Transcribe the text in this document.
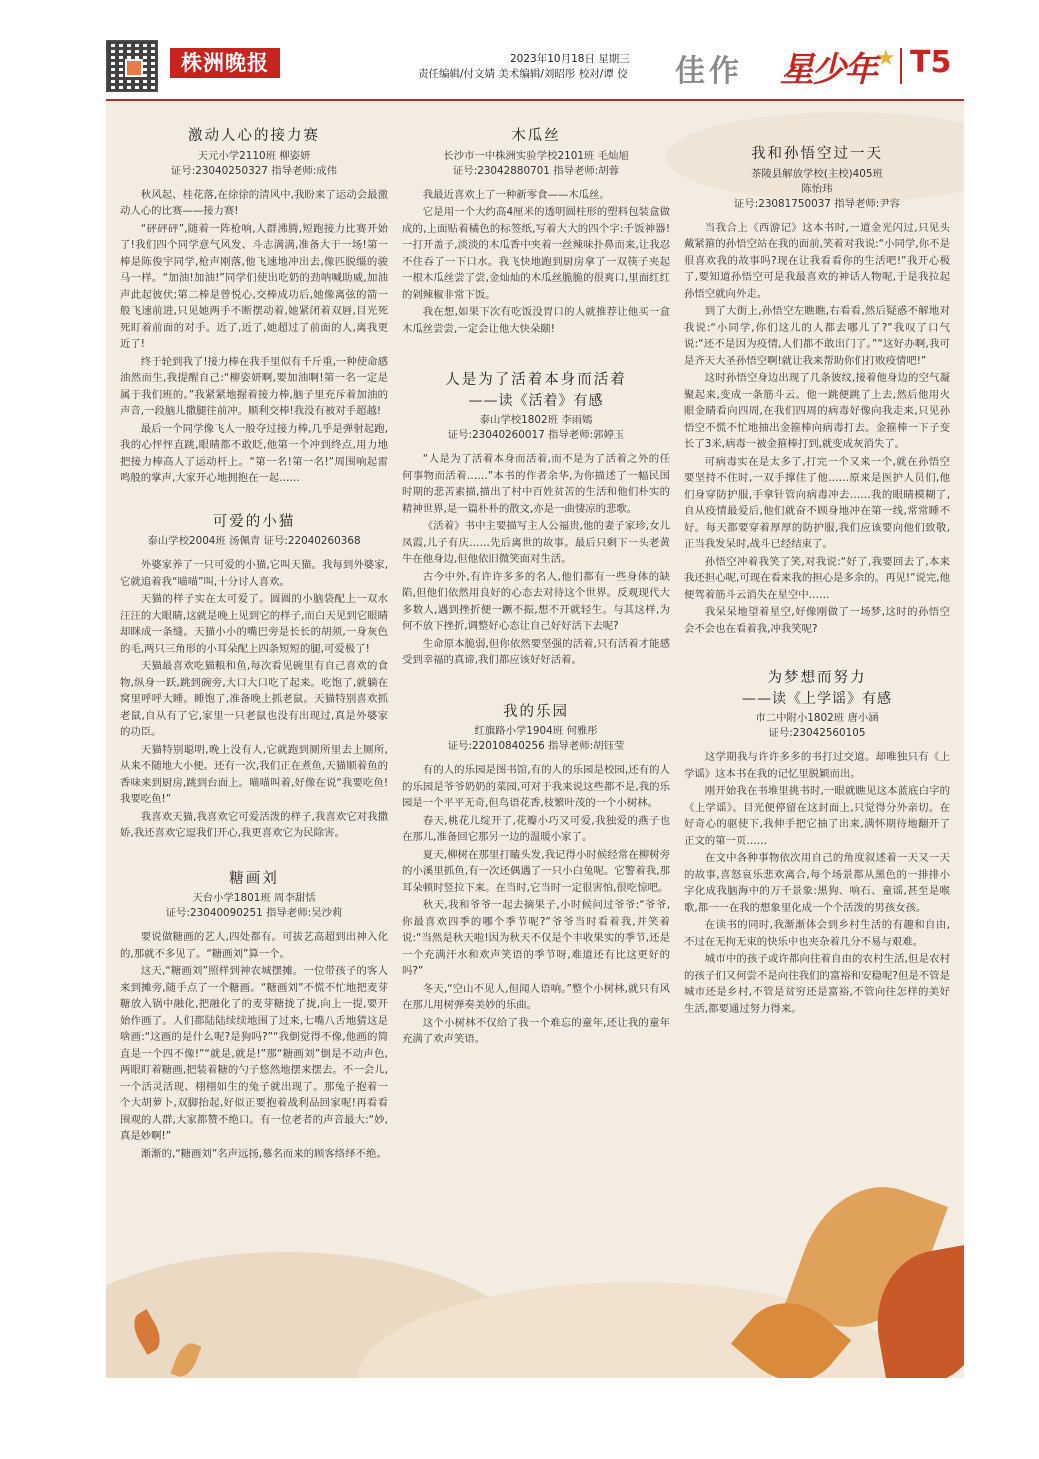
株洲晚报	2023年10月18日 星期三
责任编辑/付文婧 美术编辑/刘昭彤 校对/谭 佼 佳作 星少年★ T5
激动人心的接力赛
天元小学2110班 柳姿妍
证号:23040250327 指导老师:成伟

秋风起、桂花落,在徐徐的清风中,我盼来了运动会最激动人心的比赛——接力赛!

“砰砰砰”,随着一阵枪响,人群沸腾,短跑接力比赛开始了!我们四个同学意气风发、斗志满满,准备大干一场!第一棒是陈俊宇同学,枪声刚落,他飞速地冲出去,像匹脱缰的骏马一样。“加油!加油!”同学们使出吃奶的劲呐喊助威,加油声此起彼伏;第二棒是曾悦心,交棒成功后,她像离弦的箭一般飞速前进,只见她两手不断摆动着,她紧闭着双唇,目光死死盯着前面的对手。近了,近了,她超过了前面的人,离我更近了!

终于轮到我了!接力棒在我手里似有千斤重,一种使命感油然而生,我提醒自己:“柳姿妍啊,要加油啊!第一名一定是属于我们班的。”我紧紧地握着接力棒,脑子里充斥着加油的声音,一段脑儿撒腿往前冲。顺利交棒!我没有被对手超越!

最后一个同学像飞人一般夺过接力棒,几乎是弹射起跑,我的心怦怦直跳,眼睛都不敢眨,他第一个冲到终点,用力地把接力棒高人了运动杆上。“第一名!第一名!”周围响起雷鸣般的掌声,大家开心地拥抱在一起……

可爱的小猫
泰山学校2004班 汤佩青 证号:22040260368

外婆家养了一只可爱的小猫,它叫天猫。我每到外婆家,它就追着我“喵喵”叫,十分讨人喜欢。

天猫的样子实在太可爱了。圆圆的小脑袋配上一双水汪汪的大眼睛,这就是晚上见到它的样子,而白天见到它眼睛却眯成一条缝。天猫小小的嘴巴旁是长长的胡须,一身灰色的毛,两只三角形的小耳朵配上四条短短的腿,可爱极了!

天猫最喜欢吃猫粮和鱼,每次看见碗里有自己喜欢的食物,纵身一跃,跳到碗旁,大口大口吃了起来。吃饱了,就躺在窝里呼呼大睡。睡饱了,准备晚上抓老鼠。天猫特别喜欢抓老鼠,自从有了它,家里一只老鼠也没有出现过,真是外婆家的功臣。

天猫特别聪明,晚上没有人,它就跑到厕所里去上厕所,从来不随地大小便。还有一次,我们正在煮鱼,天猫顺着鱼的香味来到厨房,跳到台面上。喵喵叫着,好像在说“我要吃鱼!我要吃鱼!”

我喜欢天猫,我喜欢它可爱活泼的样子,我喜欢它对我撒娇,我还喜欢它逗我们开心,我更喜欢它为民除害。

糖画刘
天台小学1801班 周李甜恬
证号:23040090251 指导老师:吴沙莉

要说做糖画的艺人,四处都有。可拔艺高超到出神入化的,那就不多见了。“糖画刘”算一个。

这天,“糖画刘”照样到神农城摆摊。一位带孩子的客人来到摊旁,随手点了一个糖画。“糖画刘”不慌不忙地把麦芽糖放入锅中融化,把融化了的麦芽糖拢了拢,向上一提,要开始作画了。人们都陆陆续续地围了过来,七嘴八舌地猜这是啥画:“这画的是什么呢?是狗吗?”“我倒觉得不像,他画的简直是一个四不像!”“就是,就是!”那“糖画刘”倒是不动声色,两眼盯着糖画,把装着糖的勺子悠然地摆来摆去。不一会儿,一个活灵活现、栩栩如生的兔子就出现了。那兔子抱着一个大胡萝卜,双脚抬起,好似正要抱着战利品回家呢!再看看围观的人群,大家都赞不绝口。有一位老者的声音最大:“妙,真是妙啊!”

渐渐的,“糖画刘”名声远扬,慕名而来的顾客络绎不绝。

木瓜丝
长沙市一中株洲实验学校2101班 毛灿旭
证号:23042880701 指导老师:胡蓉

我最近喜欢上了一种新零食——木瓜丝。

它是用一个大约高4厘米的透明圆柱形的塑料包装盒做成的,上面贴着橘色的标签纸,写着大大的四个字:千饭神器!一打开盖子,淡淡的木瓜香中夹着一丝辣味扑鼻而来,让我忍不住吞了一下口水。我飞快地跑到厨房拿了一双筷子夹起一根木瓜丝尝了尝,金灿灿的木瓜丝脆脆的很爽口,里面红红的剁辣椒非常下饭。

我在想,如果下次有吃饭没胃口的人就推荐让他买一盒木瓜丝尝尝,一定会让他大快朵颐!

人是为了活着本身而活着
——读《活着》有感
泰山学校1802班 李雨嫣
证号:23040260017 指导老师:郭婷玉

“人是为了活着本身而活着,而不是为了活着之外的任何事物而活着……”本书的作者余华,为你描述了一幅民国时期的悲苦素描,描出了村中百姓贫苦的生活和他们朴实的精神世界,是一篇朴朴的散文,亦是一曲悽凉的悲歌。

《活着》书中主要描写主人公福贵,他的妻子家珍,女儿凤霞,儿子有庆……先后离世的故事。最后只剩下一头老黄牛在他身边,但他依旧微笑面对生活。

古今中外,有许许多多的名人,他们都有一些身体的缺陷,但他们依然用良好的心态去对待这个世界。反观现代大多数人,遇到挫折便一蹶不振,想不开就轻生。与其这样,为何不放下挫折,调整好心态让自己好好活下去呢?

生命原本脆弱,但你依然要坚强的活着,只有活着才能感受到幸福的真谛,我们都应该好好活着。

我的乐园
红旗路小学1904班 何雅彤
证号:22010840256 指导老师:胡钰莹

有的人的乐园是图书馆,有的人的乐园是校园,还有的人的乐园是爷爷奶奶的菜园,可对于我来说这些都不是,我的乐园是一个平平无奇,但鸟语花香,枝繁叶茂的一个小树林。

春天,桃花儿绽开了,花瓣小巧又可爱,我独爱的燕子也在那儿,准备回它那另一边的温暖小家了。

夏天,柳树在那里打瞌头发,我记得小时候经常在柳树旁的小溪里抓鱼,有一次还偶遇了一只小白兔呢。它警着我,那耳朵顿时竖拉下来。在当时,它当时一定很害怕,很吃惊吧。

秋天,我和爷爷一起去摘果子,小时候问过爷爷:“爷爷,你最喜欢四季的哪个季节呢?”爷爷当时看着我,并笑着说:“当然是秋天啦!因为秋天不仅是个丰收果实的季节,还是一个充满汗水和欢声笑语的季节呀,难道还有比这更好的吗?”

冬天,“空山不见人,但闻人语响。”整个小树林,就只有风在那儿用树弹奏美妙的乐曲。

这个小树林不仅给了我一个难忘的童年,还让我的童年充满了欢声笑语。

我和孙悟空过一天
茶陵县解放学校(主校)405班
陈怡玮
证号:23081750037 指导老师:尹容

当我合上《西游记》这本书时,一道金光闪过,只见头戴紧箍的孙悟空站在我的面前,笑着对我说:“小同学,你不是很喜欢我的故事吗?现在让我看看你的生活吧!”我开心极了,要知道孙悟空可是我最喜欢的神话人物呢,于是我拉起孙悟空就向外走。

到了大街上,孙悟空左瞧瞧,右看看,然后疑惑不解地对我说:“小同学,你们这儿的人都去哪儿了?”我叹了口气说:“还不是因为疫情,人们都不敢出门了。”“这好办啊,我可是齐天大圣孙悟空啊!就让我来帮助你们打败疫情吧!”

这时孙悟空身边出现了几条彼纹,接着他身边的空气凝聚起来,变成一条筋斗云。他一跳便跳了上去,然后他用火眼金睛看向四周,在我们四周的病毒好像向我走来,只见孙悟空不慌不忙地抽出金箍棒向病毒打去。金箍棒一下子变长了3米,病毒一被金箍棒打到,就变成灰消失了。

可病毒实在是太多了,打完一个又来一个,就在孙悟空要坚持不住时,一双手撑住了他……原来是医护人员们,他们身穿防护服,手拿针管向病毒冲去……我的眼睛模糊了,自从疫情最爱后,他们就奋不顾身地冲在第一线,常常睡不好。每天都要穿着厚厚的防护服,我们应该要向他们致敬,正当我发呆时,战斗已经结束了。

孙悟空冲着我笑了笑,对我说:“好了,我要回去了,本来我还担心呢,可现在看来我的担心是多余的。再见!”说完,他便驾着筋斗云消失在星空中……

我呆呆地望着星空,好像刚做了一场梦,这时的孙悟空会不会也在看着我,冲我笑呢?

为梦想而努力
——读《上学谣》有感
市二中附小1802班 唐小涵
证号:23042560105

这学期我与许许多多的书打过交道。却唯独只有《上学谣》这本书在我的记忆里脱颖而出。

刚开始我在书堆里挑书时,一眼就瞧见这本蓝底白字的《上学谣》。目光便停留在这封面上,只觉得分外亲切。在好奇心的驱使下,我伸手把它抽了出来,满怀期待地翻开了正文的第一页……

在文中各种事物依次用自己的角度叙述着一天又一天的故事,喜怒哀乐悲欢离合,每个场景都从黑色的一排排小字化成我脑海中的万千景象:黑狗、响石、童谣,甚至是喉歌,都一一在我的想象里化成一个个活泼的男孩女孩。

在读书的同时,我渐渐体会到乡村生活的有趣和自由,不过在无拘无束的快乐中也夹杂着几分不易与艰难。

城市中的孩子或许都向往着自由的农村生活,但是农村的孩子们又何尝不是向往我们的富裕和安稳呢?但是不管是城市还是乡村,不管是贫穷还是富裕,不管向往怎样的美好生活,都要通过努力得来。
